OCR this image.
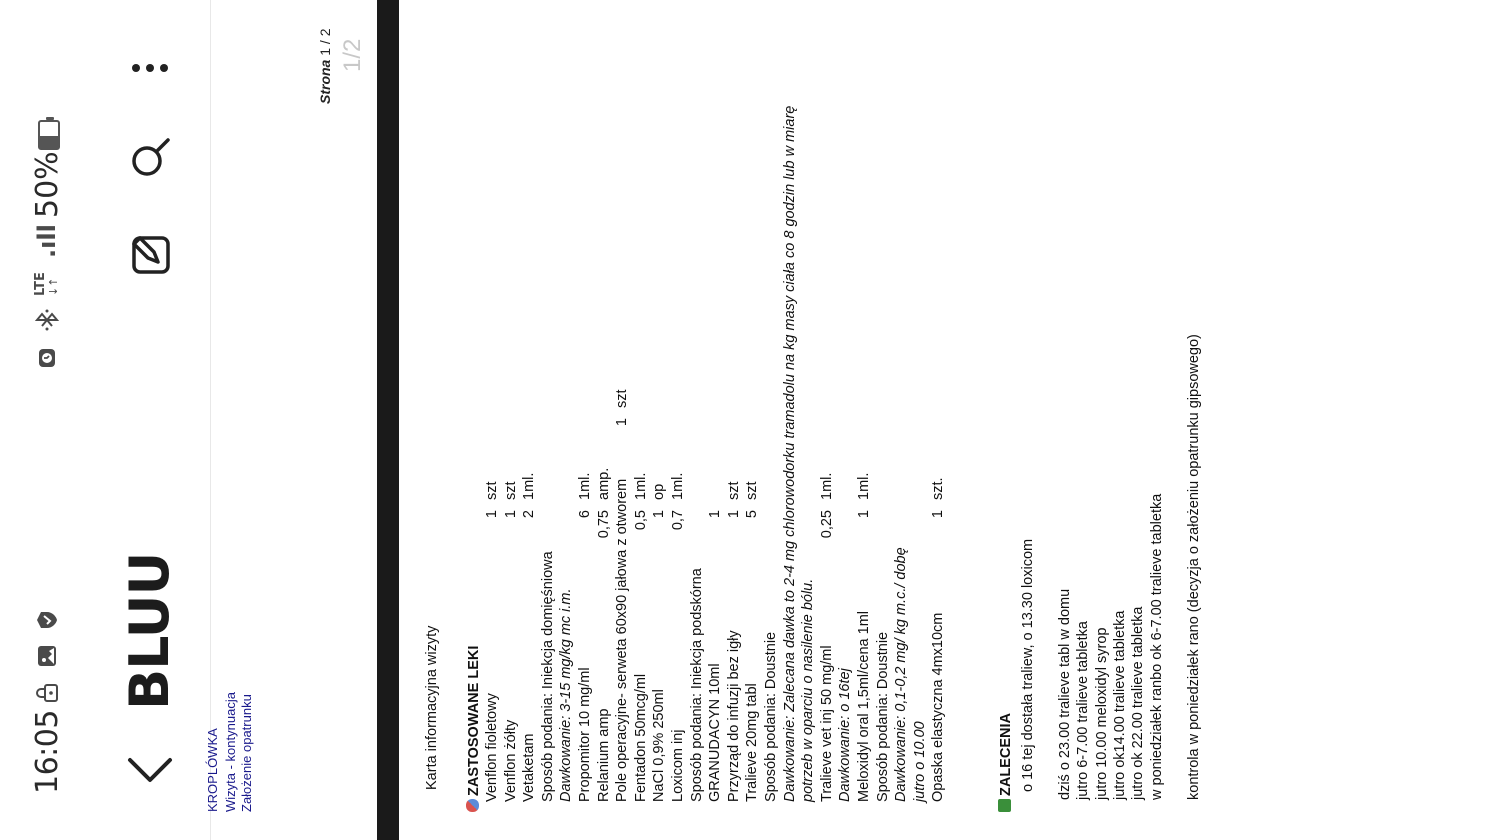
16:05
LTE
↓↑
.ıll
50%
BLUU
KROPLÓWKA Wizyta - kontynuacja Założenie opatrunku
Strona 1 / 2 1/2
Karta informacyjna wizyty ZASTOSOWANE LEKI Venflon fioletowy
1
szt
Venflon żółty
1
szt
Vetaketam
2
1ml.
Sposób podania: Iniekcja domięśniowa Dawkowanie: 3-15 mg/kg mc i.m. Propomitor 10 mg/ml
6
1ml.
Relanium amp
0,75
amp. Pole operacyjne- serweta 60x90 jałowa z otworem
1
szt
Fentadon 50mcg/ml
0,5
1ml.
NaCl 0,9% 250ml
1
op
Loxicom inj
0,7
1ml.
Sposób podania: Iniekcja podskórna GRANUDACYN 10ml
1
Przyrząd do infuzji bez igły
1
szt
Tralieve 20mg tabl
5
szt
Sposób podania: Doustnie Dawkowanie: Zalecana dawka to 2-4 mg chlorowodorku tramadolu na kg masy ciała co 8 godzin lub w miarę potrzeb w oparciu o nasilenie bólu. Tralieve vet inj 50 mg/ml
0,25
1ml.
Dawkowanie: o 16tej Meloxidyl oral 1,5ml/cena 1ml
1
1ml.
Sposób podania: Doustnie Dawkowanie: 0,1-0,2 mg/ kg m.c./ dobę jutro o 10.00 Opaska elastyczna 4mx10cm
1
szt.
ZALECENIA o 16 tej dostała traliew, o 13.30 loxicom dziś o 23.00 tralieve tabl w domu jutro 6-7.00 tralieve tabletka jutro 10.00 meloxidyl syrop jutro ok14.00 tralieve tabletka jutro ok 22.00 tralieve tabletka w poniedziałek ranbo ok 6-7.00 tralieve tabletka kontrola w poniedziałek rano (decyzja o założeniu opatrunku gipsowego)
